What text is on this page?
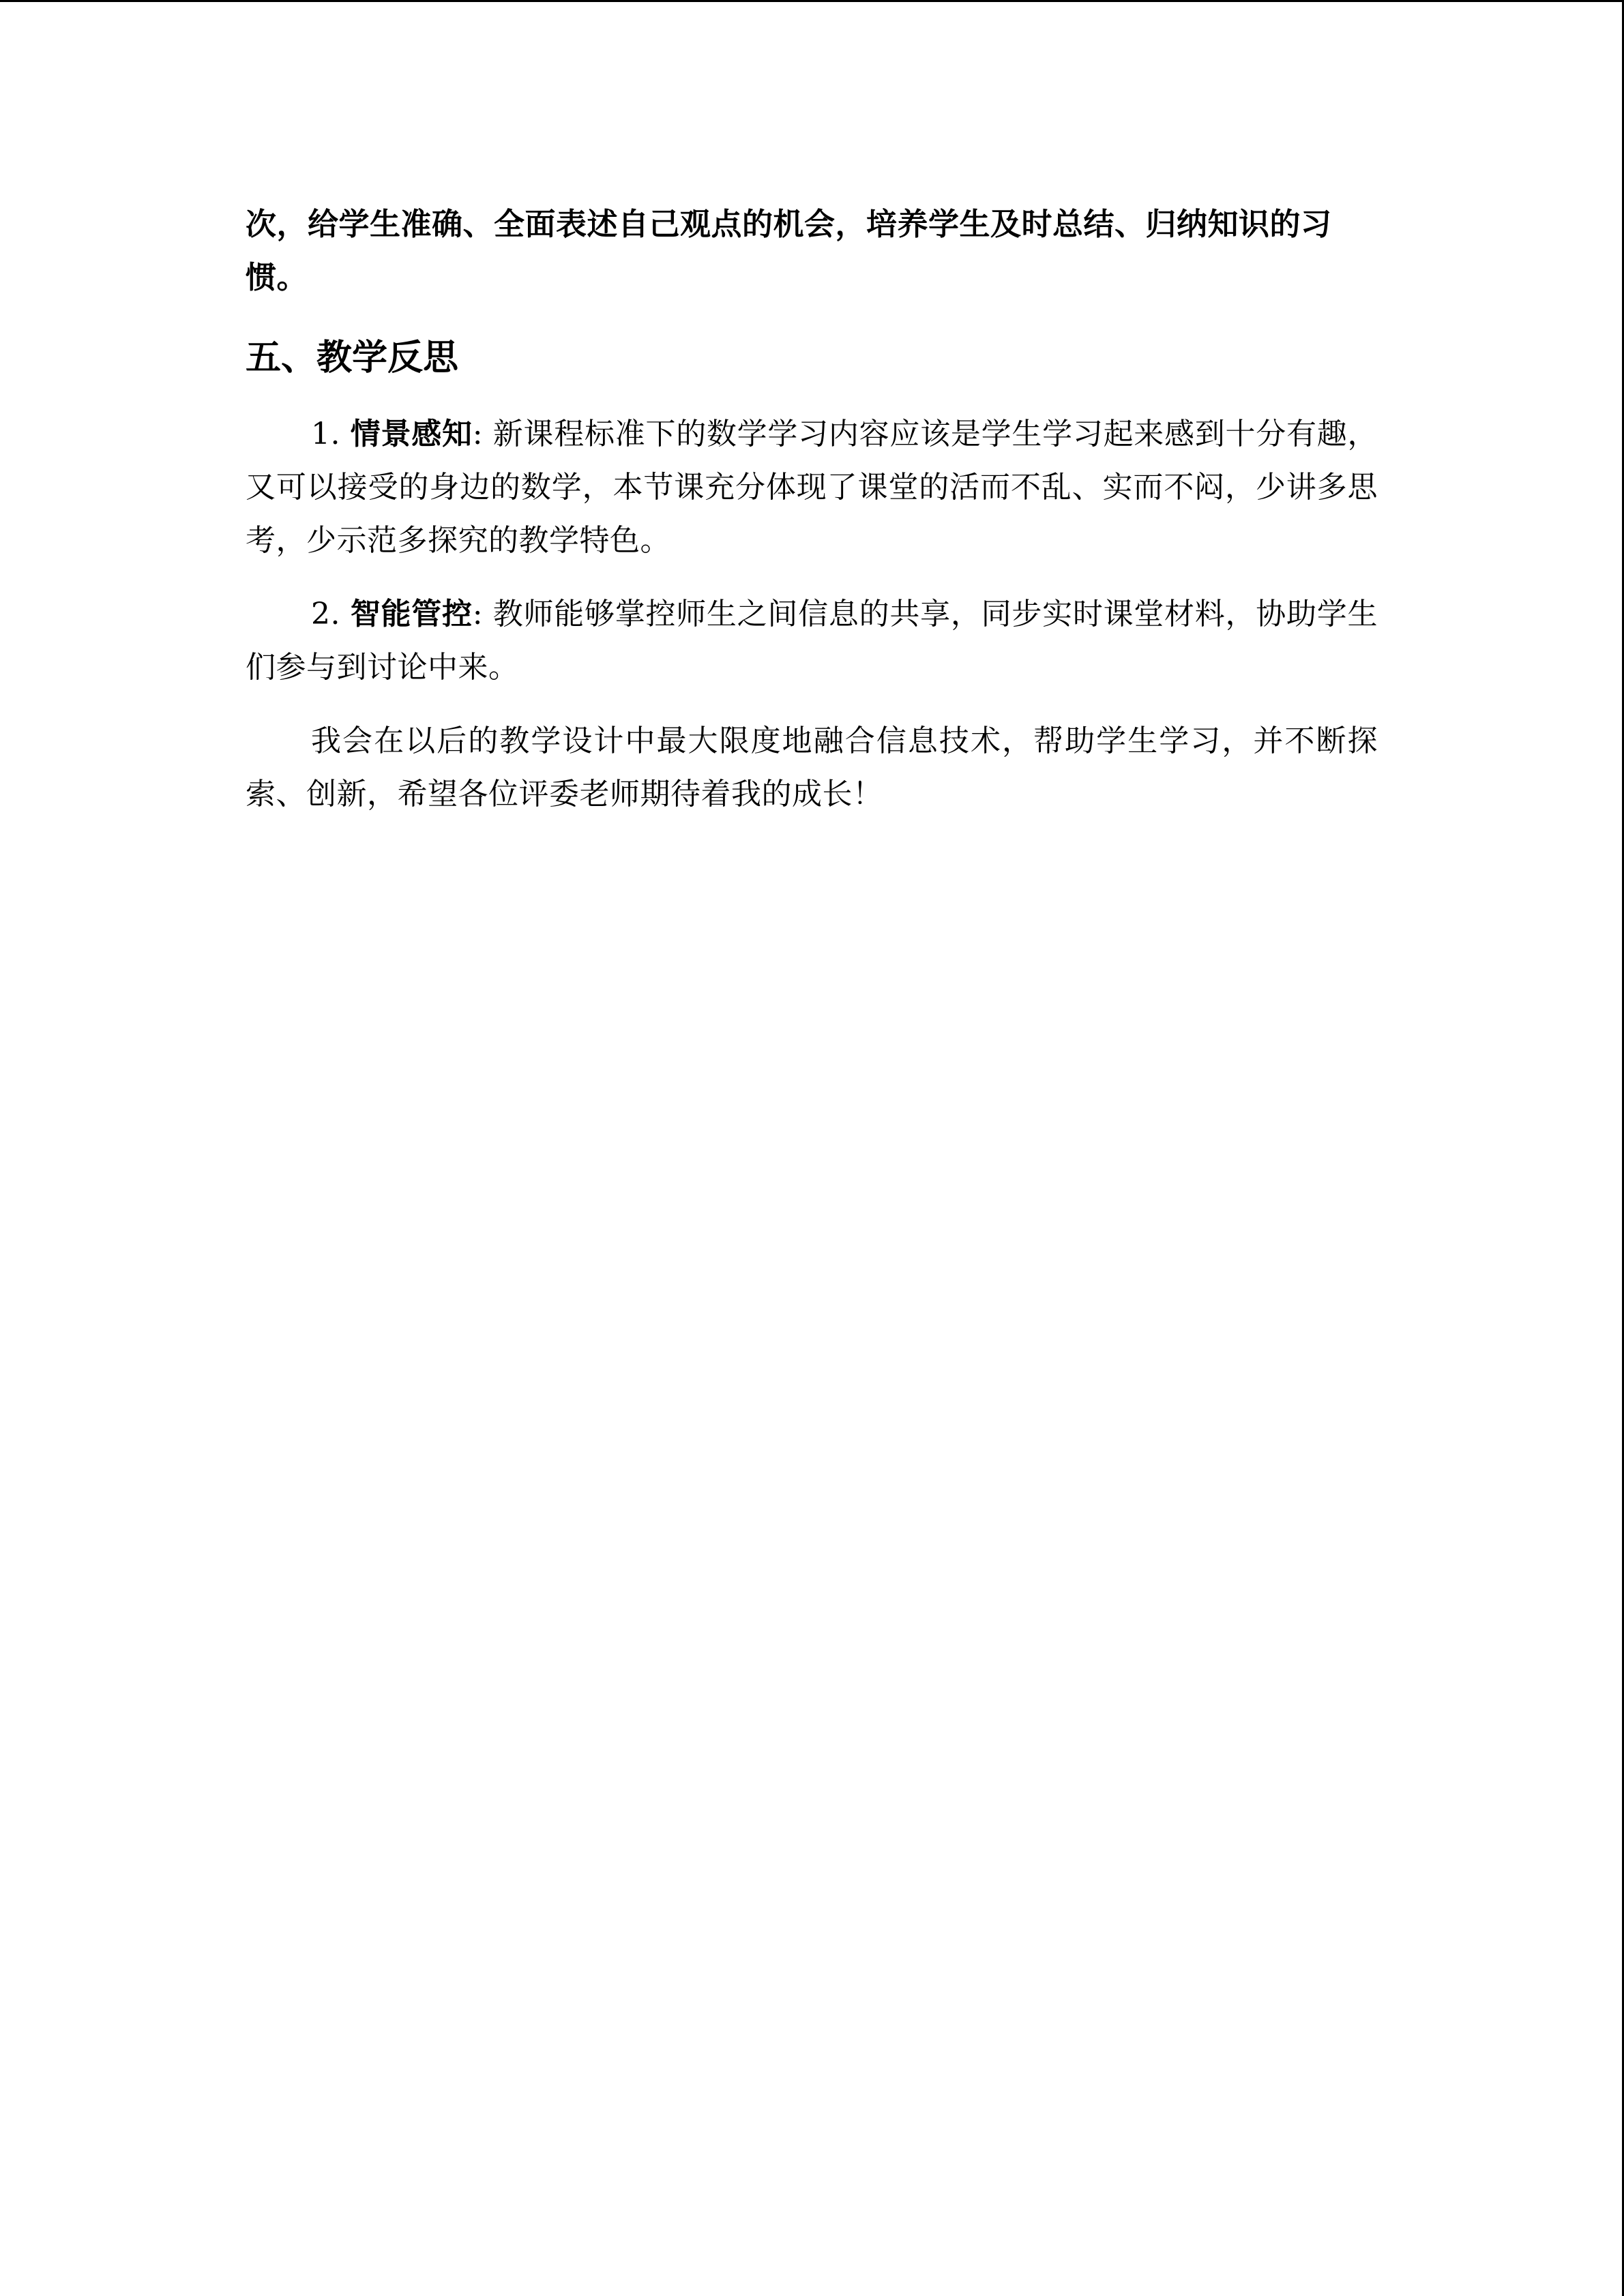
次，给学生准确、全面表述自己观点的机会，培养学生及时总结、归纳知识的习惯。

五、教学反思

1. 情景感知: 新课程标准下的数学学习内容应该是学生学习起来感到十分有趣，又可以接受的身边的数学，本节课充分体现了课堂的活而不乱、实而不闷，少讲多思考，少示范多探究的教学特色。

2. 智能管控: 教师能够掌控师生之间信息的共享，同步实时课堂材料，协助学生们参与到讨论中来。

我会在以后的教学设计中最大限度地融合信息技术，帮助学生学习，并不断探索、创新，希望各位评委老师期待着我的成长！
